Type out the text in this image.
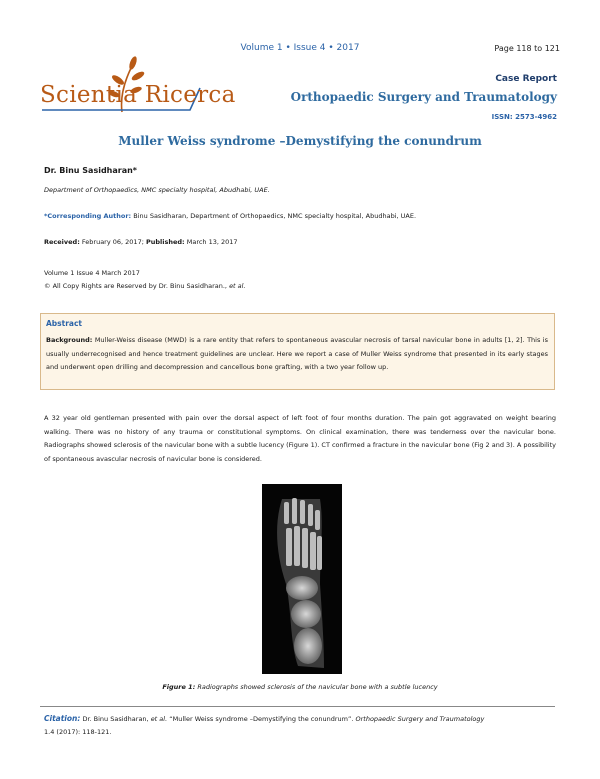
Volume 1 • Issue 4 • 2017	Page 118 to 121
Scientia Ricerca
Case Report
Orthopaedic Surgery and Traumatology
ISSN: 2573-4962
Muller Weiss syndrome –Demystifying the conundrum
Dr. Binu Sasidharan*
Department of Orthopaedics, NMC specialty hospital, Abudhabi, UAE.
*Corresponding Author: Binu Sasidharan, Department of Orthopaedics, NMC specialty hospital, Abudhabi, UAE.
Received: February 06, 2017; Published: March 13, 2017
Volume 1 Issue 4 March 2017
© All Copy Rights are Reserved by Dr. Binu Sasidharan., et al.
Abstract
Background: Muller-Weiss disease (MWD) is a rare entity that refers to spontaneous avascular necrosis of tarsal navicular bone in adults [1, 2]. This is usually underrecognised and hence treatment guidelines are unclear. Here we report a case of Muller Weiss syndrome that presented in its early stages and underwent open drilling and decompression and cancellous bone grafting, with a two year follow up.
A 32 year old gentleman presented with pain over the dorsal aspect of left foot of four months duration. The pain got aggravated on weight bearing walking. There was no history of any trauma or constitutional symptoms. On clinical examination, there was tenderness over the navicular bone. Radiographs showed sclerosis of the navicular bone with a subtle lucency (Figure 1). CT confirmed a fracture in the navicular bone (Fig 2 and 3). A possibility of spontaneous avascular necrosis of navicular bone is considered.
Figure 1: Radiographs showed sclerosis of the navicular bone with a subtle lucency
Citation: Dr. Binu Sasidharan, et al. “Muller Weiss syndrome –Demystifying the conundrum”. Orthopaedic Surgery and Traumatology
1.4 (2017): 118-121.
